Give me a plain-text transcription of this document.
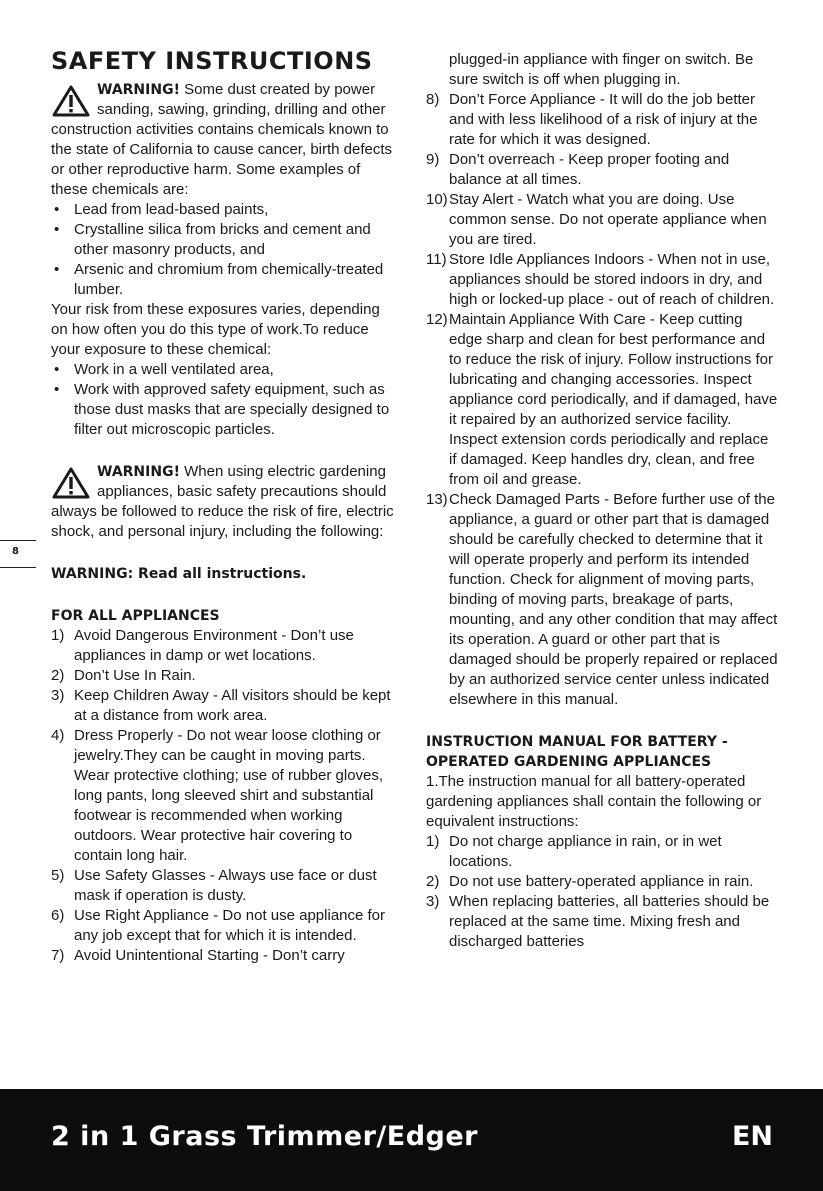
SAFETY INSTRUCTIONS
WARNING! Some dust created by power sanding, sawing, grinding, drilling and other construction activities contains chemicals known to the state of California to cause cancer, birth defects or other reproductive harm. Some examples of these chemicals are:
• Lead from lead-based paints,
• Crystalline silica from bricks and cement and other masonry products, and
• Arsenic and chromium from chemically-treated lumber.

Your risk from these exposures varies, depending on how often you do this type of work.To reduce your exposure to these chemical:

• Work in a well ventilated area,
• Work with approved safety equipment, such as those dust masks that are specially designed to filter out microscopic particles.
WARNING! When using electric gardening appliances, basic safety precautions should always be followed to reduce the risk of fire, electric shock, and personal injury, including the following:
WARNING: Read all instructions.
FOR ALL APPLIANCES
1) Avoid Dangerous Environment - Don’t use appliances in damp or wet locations.
2) Don’t Use In Rain.
3) Keep Children Away - All visitors should be kept at a distance from work area.
4) Dress Properly - Do not wear loose clothing or jewelry.They can be caught in moving parts. Wear protective clothing; use of rubber gloves, long pants, long sleeved shirt and substantial footwear is recommended when working outdoors. Wear protective hair covering to contain long hair.
5) Use Safety Glasses - Always use face or dust mask if operation is dusty.
6) Use Right Appliance - Do not use appliance for any job except that for which it is intended.
7) Avoid Unintentional Starting - Don’t carry

plugged-in appliance with finger on switch. Be sure switch is off when plugging in.

8) Don’t Force Appliance - It will do the job better and with less likelihood of a risk of injury at the rate for which it was designed.
9) Don’t overreach - Keep proper footing and balance at all times.
10) Stay Alert - Watch what you are doing. Use common sense. Do not operate appliance when you are tired.
11) Store Idle Appliances Indoors - When not in use, appliances should be stored indoors in dry, and high or locked-up place - out of reach of children.
12) Maintain Appliance With Care - Keep cutting edge sharp and clean for best performance and to reduce the risk of injury. Follow instructions for lubricating and changing accessories. Inspect appliance cord periodically, and if damaged, have it repaired by an authorized service facility. Inspect extension cords periodically and replace if damaged. Keep handles dry, clean, and free from oil and grease.
13) Check Damaged Parts - Before further use of the appliance, a guard or other part that is damaged should be carefully checked to determine that it will operate properly and perform its intended function. Check for alignment of moving parts, binding of moving parts, breakage of parts, mounting, and any other condition that may affect its operation. A guard or other part that is damaged should be properly repaired or replaced by an authorized service center unless indicated elsewhere in this manual.
INSTRUCTION MANUAL FOR BATTERY -
OPERATED GARDENING APPLIANCES

1.The instruction manual for all battery-operated gardening appliances shall contain the following or equivalent instructions:

1) Do not charge appliance in rain, or in wet locations.
2) Do not use battery-operated appliance in rain.
3) When replacing batteries, all batteries should be replaced at the same time. Mixing fresh and discharged batteries
8
2 in 1 Grass Trimmer/Edger	EN
